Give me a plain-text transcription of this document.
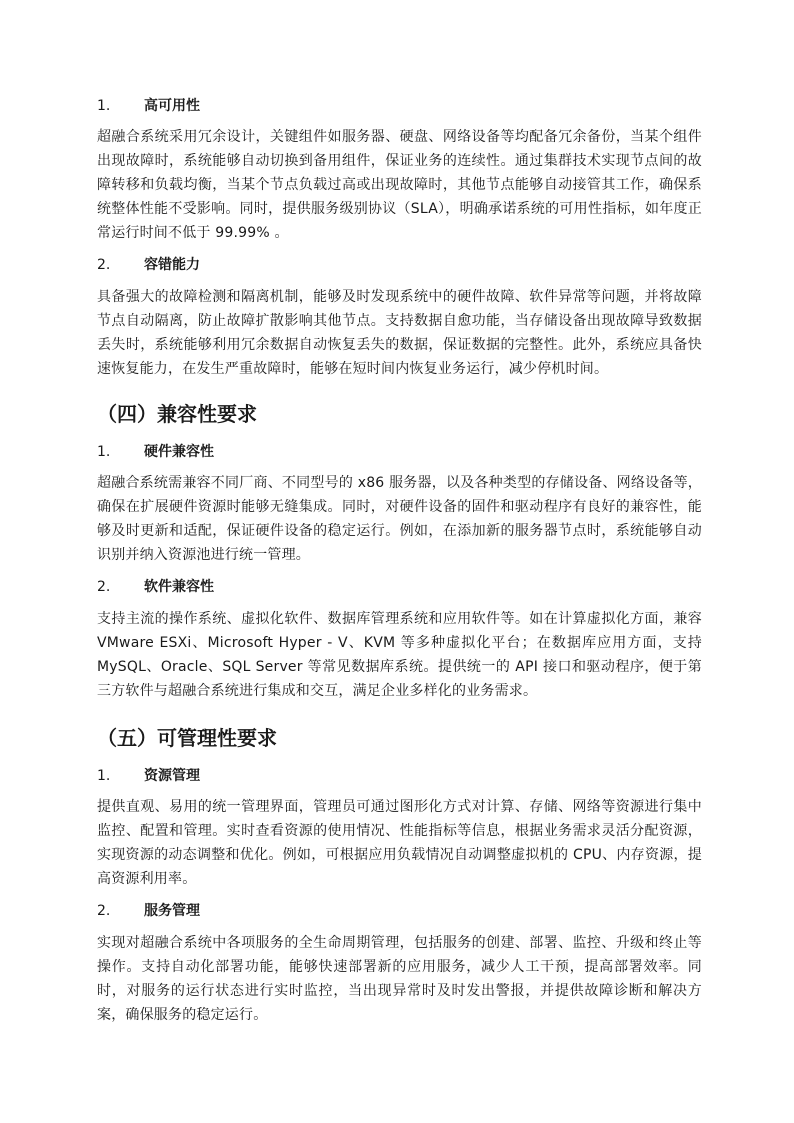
1. 高可用性
超融合系统采用冗余设计，关键组件如服务器、硬盘、网络设备等均配备冗余备份，当某个组件出现故障时，系统能够自动切换到备用组件，保证业务的连续性。通过集群技术实现节点间的故障转移和负载均衡，当某个节点负载过高或出现故障时，其他节点能够自动接管其工作，确保系统整体性能不受影响。同时，提供服务级别协议（SLA），明确承诺系统的可用性指标，如年度正常运行时间不低于 99.99% 。
2. 容错能力
具备强大的故障检测和隔离机制，能够及时发现系统中的硬件故障、软件异常等问题，并将故障节点自动隔离，防止故障扩散影响其他节点。支持数据自愈功能，当存储设备出现故障导致数据丢失时，系统能够利用冗余数据自动恢复丢失的数据，保证数据的完整性。此外，系统应具备快速恢复能力，在发生严重故障时，能够在短时间内恢复业务运行，减少停机时间。
（四）兼容性要求
1. 硬件兼容性
超融合系统需兼容不同厂商、不同型号的 x86 服务器，以及各种类型的存储设备、网络设备等，确保在扩展硬件资源时能够无缝集成。同时，对硬件设备的固件和驱动程序有良好的兼容性，能够及时更新和适配，保证硬件设备的稳定运行。例如，在添加新的服务器节点时，系统能够自动识别并纳入资源池进行统一管理。
2. 软件兼容性
支持主流的操作系统、虚拟化软件、数据库管理系统和应用软件等。如在计算虚拟化方面，兼容 VMware ESXi、Microsoft Hyper - V、KVM 等多种虚拟化平台；在数据库应用方面，支持 MySQL、Oracle、SQL Server 等常见数据库系统。提供统一的 API 接口和驱动程序，便于第三方软件与超融合系统进行集成和交互，满足企业多样化的业务需求。
（五）可管理性要求
1. 资源管理
提供直观、易用的统一管理界面，管理员可通过图形化方式对计算、存储、网络等资源进行集中监控、配置和管理。实时查看资源的使用情况、性能指标等信息，根据业务需求灵活分配资源，实现资源的动态调整和优化。例如，可根据应用负载情况自动调整虚拟机的 CPU、内存资源，提高资源利用率。
2. 服务管理
实现对超融合系统中各项服务的全生命周期管理，包括服务的创建、部署、监控、升级和终止等操作。支持自动化部署功能，能够快速部署新的应用服务，减少人工干预，提高部署效率。同时，对服务的运行状态进行实时监控，当出现异常时及时发出警报，并提供故障诊断和解决方案，确保服务的稳定运行。
